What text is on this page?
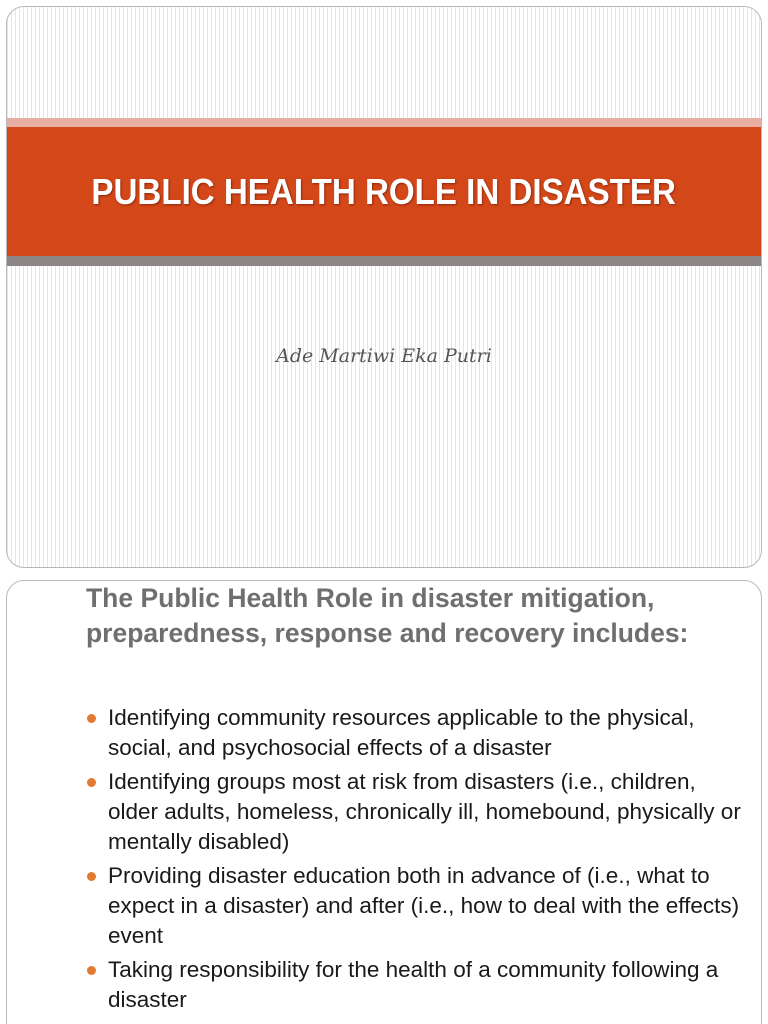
PUBLIC HEALTH ROLE IN DISASTER
Ade Martiwi Eka Putri
The Public Health Role in disaster mitigation, preparedness, response and recovery includes:
Identifying community resources applicable to the physical, social, and psychosocial effects of a disaster
Identifying groups most at risk from disasters (i.e., children, older adults, homeless, chronically ill, homebound, physically or mentally disabled)
Providing disaster education both in advance of (i.e., what to expect in a disaster) and after (i.e., how to deal with the effects) event
Taking responsibility for the health of a community following a disaster
